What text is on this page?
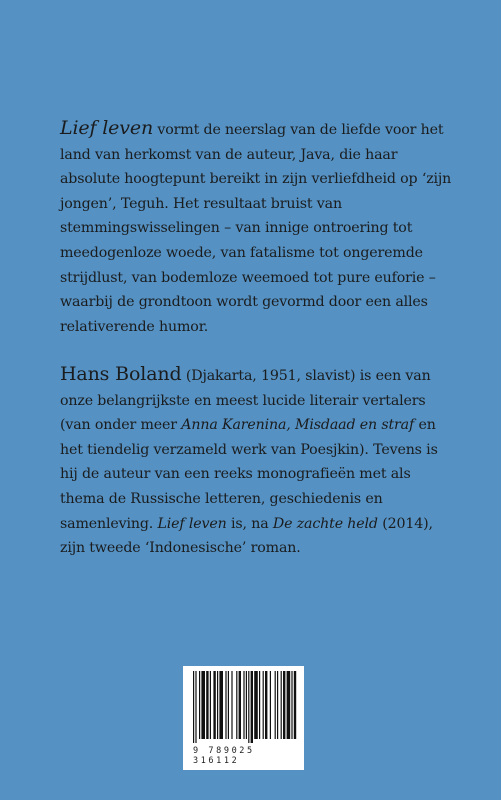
Lief leven vormt de neerslag van de liefde voor het land van herkomst van de auteur, Java, die haar absolute hoogtepunt bereikt in zijn verliefdheid op ‘zijn jongen’, Teguh. Het resultaat bruist van stemmingswisselingen – van innige ontroering tot meedogenloze woede, van fatalisme tot ongeremde strijdlust, van bodemloze weemoed tot pure euforie – waarbij de grondtoon wordt gevormd door een alles relativerende humor.

Hans Boland (Djakarta, 1951, slavist) is een van onze belangrijkste en meest lucide literair vertalers (van onder meer Anna Karenina, Misdaad en straf en het tiendelig verzameld werk van Poesjkin). Tevens is hij de auteur van een reeks monografieën met als thema de Russische letteren, geschiedenis en samenleving. Lief leven is, na De zachte held (2014), zijn tweede ‘Indonesische’ roman.

9 789025 316112
